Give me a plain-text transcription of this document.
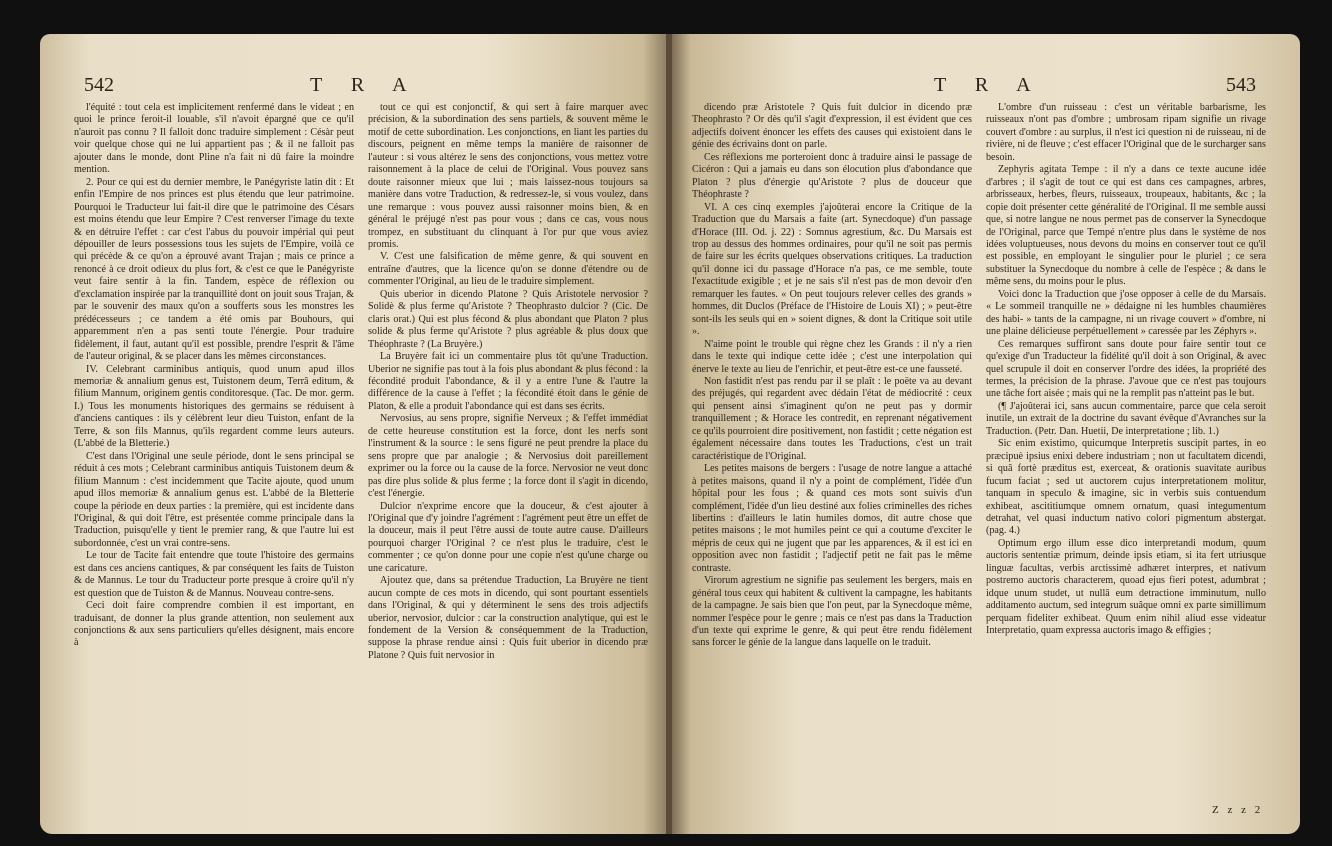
542	T R A

l'équité : tout cela est implicitement renfermé dans le videat ; en quoi le prince feroit-il louable, s'il n'avoit épargné que ce qu'il n'auroit pas connu ? Il falloit donc traduire simplement : Césàr peut voir quelque chose qui ne lui appartient pas ; & il ne falloit pas ajouter dans le monde, dont Pline n'a fait ni dû faire la moindre mention.

2. Pour ce qui est du dernier membre, le Panégyriste latin dit : Et enfin l'Empire de nos princes est plus étendu que leur patrimoine. Pourquoi le Traducteur lui fait-il dire que le patrimoine des Césars est moins étendu que leur Empire ? C'est renverser l'image du texte & en détruire l'effet : car c'est l'abus du pouvoir impérial qui peut dépouiller de leurs possessions tous les sujets de l'Empire, voilà ce qui précède & ce qu'on a éprouvé avant Trajan ; mais ce prince a renoncé à ce droit odieux du plus fort, & c'est ce que le Panégyriste veut faire sentir à la fin. Tandem, espèce de réflexion ou d'exclamation inspirée par la tranquillité dont on jouit sous Trajan, & par le souvenir des maux qu'on a soufferts sous les monstres les prédécesseurs ; ce tandem a été omis par Bouhours, qui apparemment n'en a pas senti toute l'énergie. Pour traduire fidèlement, il faut, autant qu'il est possible, prendre l'esprit & l'âme de l'auteur original, & se placer dans les mêmes circonstances.

IV. Celebrant carminibus antiquis, quod unum apud illos memoriæ & annalium genus est, Tuistonem deum, Terrâ editum, & filium Mannum, originem gentis conditoresque. (Tac. De mor. germ. I.) Tous les monuments historiques des germains se réduisent à d'anciens cantiques : ils y célèbrent leur dieu Tuiston, enfant de la Terre, & son fils Mannus, qu'ils regardent comme leurs auteurs. (L'abbé de la Bletterie.)

C'est dans l'Original une seule période, dont le sens principal se réduit à ces mots ; Celebrant carminibus antiquis Tuistonem deum & filium Mannum : c'est incidemment que Tacite ajoute, quod unum apud illos memoriæ & annalium genus est. L'abbé de la Bletterie coupe la période en deux parties : la première, qui est incidente dans l'Original, & qui doit l'être, est présentée comme principale dans la Traduction, puisqu'elle y tient le premier rang, & que l'autre lui est subordonnée, c'est un vrai contre-sens.

Le tour de Tacite fait entendre que toute l'histoire des germains est dans ces anciens cantiques, & par conséquent les faits de Tuiston & de Mannus. Le tour du Traducteur porte presque à croire qu'il n'y est question que de Tuiston & de Mannus. Nouveau contre-sens.

Ceci doit faire comprendre combien il est important, en traduisant, de donner la plus grande attention, non seulement aux conjonctions & aux sens particuliers qu'elles désignent, mais encore à

tout ce qui est conjonctif, & qui sert à faire marquer avec précision, & la subordination des sens partiels, & souvent même le motif de cette subordination. Les conjonctions, en liant les parties du discours, peignent en même temps la manière de raisonner de l'auteur : si vous altérez le sens des conjonctions, vous mettez votre raisonnement à la place de celui de l'Original. Vous pouvez sans doute raisonner mieux que lui ; mais laissez-nous toujours sa manière dans votre Traduction, & redressez-le, si vous voulez, dans une remarque : vous pouvez aussi raisonner moins bien, & en général le préjugé n'est pas pour vous ; dans ce cas, vous nous trompez, en substituant du clinquant à l'or pur que vous aviez promis.

V. C'est une falsification de même genre, & qui souvent en entraîne d'autres, que la licence qu'on se donne d'étendre ou de commenter l'Original, au lieu de le traduire simplement.

Quis uberior in dicendo Platone ? Quis Aristotele nervosior ? Solidè & plus ferme qu'Aristote ? Theophrasto dulcior ? (Cic. De claris orat.) Qui est plus fécond & plus abondant que Platon ? plus solide & plus ferme qu'Aristote ? plus agréable & plus doux que Théophraste ? (La Bruyère.)

La Bruyère fait ici un commentaire plus tôt qu'une Traduction. Uberior ne signifie pas tout à la fois plus abondant & plus fécond : la fécondité produit l'abondance, & il y a entre l'une & l'autre la différence de la cause à l'effet ; la fécondité étoit dans le génie de Platon, & elle a produit l'abondance qui est dans ses écrits.

Nervosius, au sens propre, signifie Nerveux ; & l'effet immédiat de cette heureuse constitution est la force, dont les nerfs sont l'instrument & la source : le sens figuré ne peut prendre la place du sens propre que par analogie ; & Nervosius doit pareillement exprimer ou la force ou la cause de la force. Nervosior ne veut donc pas dire plus solide & plus ferme ; la force dont il s'agit in dicendo, c'est l'énergie.

Dulcior n'exprime encore que la douceur, & c'est ajouter à l'Original que d'y joindre l'agrément : l'agrément peut être un effet de la douceur, mais il peut l'être aussi de toute autre cause. D'ailleurs pourquoi charger l'Original ? ce n'est plus le traduire, c'est le commenter ; ce qu'on donne pour une copie n'est qu'une charge ou une caricature.

Ajoutez que, dans sa prétendue Traduction, La Bruyère ne tient aucun compte de ces mots in dicendo, qui sont pourtant essentiels dans l'Original, & qui y déterminent le sens des trois adjectifs uberior, nervosior, dulcior : car la construction analytique, qui est le fondement de la Version & conséquemment de la Traduction, suppose la phrase rendue ainsi : Quis fuit uberior in dicendo præ Platone ? Quis fuit nervosior in

T R A	543

dicendo præ Aristotele ? Quis fuit dulcior in dicendo præ Theophrasto ? Or dès qu'il s'agit d'expression, il est évident que ces adjectifs doivent énoncer les effets des causes qui existoient dans le génie des écrivains dont on parle.

Ces réflexions me porteroient donc à traduire ainsi le passage de Cicéron : Qui a jamais eu dans son élocution plus d'abondance que Platon ? plus d'énergie qu'Aristote ? plus de douceur que Théophraste ?

VI. A ces cinq exemples j'ajoûterai encore la Critique de la Traduction que du Marsais a faite (art. Synecdoque) d'un passage d'Horace (III. Od. j. 22) : Somnus agrestium, &c. Du Marsais est trop au dessus des hommes ordinaires, pour qu'il ne soit pas permis de faire sur les écrits quelques observations critiques. La traduction qu'il donne ici du passage d'Horace n'a pas, ce me semble, toute l'exactitude exigible ; et je ne sais s'il n'est pas de mon devoir d'en remarquer les fautes. « On peut toujours relever celles des grands » hommes, dit Duclos (Préface de l'Histoire de Louis XI) ; » peut-être sont-ils les seuls qui en » soient dignes, & dont la Critique soit utile ».

N'aime point le trouble qui règne chez les Grands : il n'y a rien dans le texte qui indique cette idée ; c'est une interpolation qui énerve le texte au lieu de l'enrichir, et peut-être est-ce une fausseté.

Non fastidit n'est pas rendu par il se plaît : le poëte va au devant des préjugés, qui regardent avec dédain l'état de médiocrité : ceux qui pensent ainsi s'imaginent qu'on ne peut pas y dormir tranquillement ; & Horace les contredit, en reprenant négativement ce qu'ils pourroient dire positivement, non fastidit ; cette négation est également nécessaire dans toutes les Traductions, c'est un trait caractéristique de l'Original.

Les petites maisons de bergers : l'usage de notre langue a attaché à petites maisons, quand il n'y a point de complément, l'idée d'un hôpital pour les fous ; & quand ces mots sont suivis d'un complément, l'idée d'un lieu destiné aux folies criminelles des riches libertins : d'ailleurs le latin humiles domos, dit autre chose que petites maisons ; le mot humiles peint ce qui a coutume d'exciter le mépris de ceux qui ne jugent que par les apparences, & il est ici en opposition avec non fastidit ; l'adjectif petit ne fait pas le même contraste.

Virorum agrestium ne signifie pas seulement les bergers, mais en général tous ceux qui habitent & cultivent la campagne, les habitants de la campagne. Je sais bien que l'on peut, par la Synecdoque même, nommer l'espèce pour le genre ; mais ce n'est pas dans la Traduction d'un texte qui exprime le genre, & qui peut être rendu fidèlement sans forcer le génie de la langue dans laquelle on le traduit.

L'ombre d'un ruisseau : c'est un véritable barbarisme, les ruisseaux n'ont pas d'ombre ; umbrosam ripam signifie un rivage couvert d'ombre : au surplus, il n'est ici question ni de ruisseau, ni de rivière, ni de fleuve ; c'est effacer l'Original que de le surcharger sans besoin.

Zephyris agitata Tempe : il n'y a dans ce texte aucune idée d'arbres ; il s'agit de tout ce qui est dans ces campagnes, arbres, arbrisseaux, herbes, fleurs, ruisseaux, troupeaux, habitants, &c ; la copie doit présenter cette généralité de l'Original. Il me semble aussi que, si notre langue ne nous permet pas de conserver la Synecdoque de l'Original, parce que Tempé n'entre plus dans le système de nos idées voluptueuses, nous devons du moins en conserver tout ce qu'il est possible, en employant le singulier pour le pluriel ; ce sera substituer la Synecdoque du nombre à celle de l'espèce ; & dans le même sens, du moins pour le plus.

Voici donc la Traduction que j'ose opposer à celle de du Marsais. « Le sommeil tranquille ne » dédaigne ni les humbles chaumières des habi- » tants de la campagne, ni un rivage couvert » d'ombre, ni une plaine délicieuse perpétuellement » caressée par les Zéphyrs ».

Ces remarques suffiront sans doute pour faire sentir tout ce qu'exige d'un Traducteur la fidélité qu'il doit à son Original, & avec quel scrupule il doit en conserver l'ordre des idées, la propriété des termes, la précision de la phrase. J'avoue que ce n'est pas toujours une tâche fort aisée ; mais qui ne la remplit pas n'atteint pas le but.

(¶ J'ajoûterai ici, sans aucun commentaire, parce que cela seroit inutile, un extrait de la doctrine du savant évêque d'Avranches sur la Traduction. (Petr. Dan. Huetii, De interpretatione ; lib. 1.)

Sic enim existimo, quicumque Interpretis suscipit partes, in eo præcipuè ipsius enixi debere industriam ; non ut facultatem dicendi, si quâ fortè præditus est, exerceat, & orationis suavitate auribus fucum faciat ; sed ut auctorem cujus interpretationem molitur, tanquam in speculo & imagine, sic in verbis suis contuendum exhibeat, ascititiumque omnem ornatum, quasi integumentum detrahat, vel quasi inductum nativo colori pigmentum abstergat. (pag. 4.)

Optimum ergo illum esse dico interpretandi modum, quum auctoris sententiæ primum, deinde ipsis etiam, si ita fert utriusque linguæ facultas, verbis arctissimè adhæret interpres, et nativum postremo auctoris characterem, quoad ejus fieri potest, adumbrat ; idque unum studet, ut nullâ eum detractione imminutum, nullo additamento auctum, sed integrum suâque omni ex parte simillimum perquam fideliter exhibeat. Quum enim nihil aliud esse videatur Interpretatio, quam expressa auctoris imago & effigies ;

Z z z 2
